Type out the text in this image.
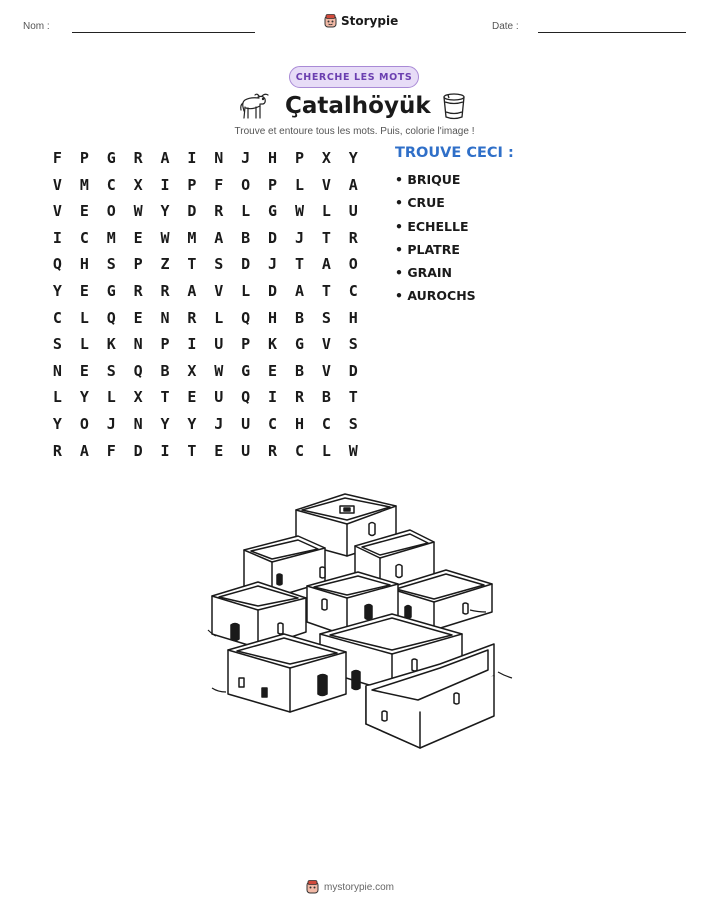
Nom :	Storypie	Date :
CHERCHE LES MOTS
Çatalhöyük
Trouve et entoure tous les mots. Puis, colorie l'image !
F	P	G	R	A	I	N	J	H	P	X	Y
V	M	C	X	I	P	F	O	P	L	V	A
V	E	O	W	Y	D	R	L	G	W	L	U
I	C	M	E	W	M	A	B	D	J	T	R
Q	H	S	P	Z	T	S	D	J	T	A	O
Y	E	G	R	R	A	V	L	D	A	T	C
C	L	Q	E	N	R	L	Q	H	B	S	H
S	L	K	N	P	I	U	P	K	G	V	S
N	E	S	Q	B	X	W	G	E	B	V	D
L	Y	L	X	T	E	U	Q	I	R	B	T
Y	O	J	N	Y	Y	J	U	C	H	C	S
R	A	F	D	I	T	E	U	R	C	L	W
TROUVE CECI :
• BRIQUE
• CRUE
• ECHELLE
• PLATRE
• GRAIN
• AUROCHS
mystorypie.com
